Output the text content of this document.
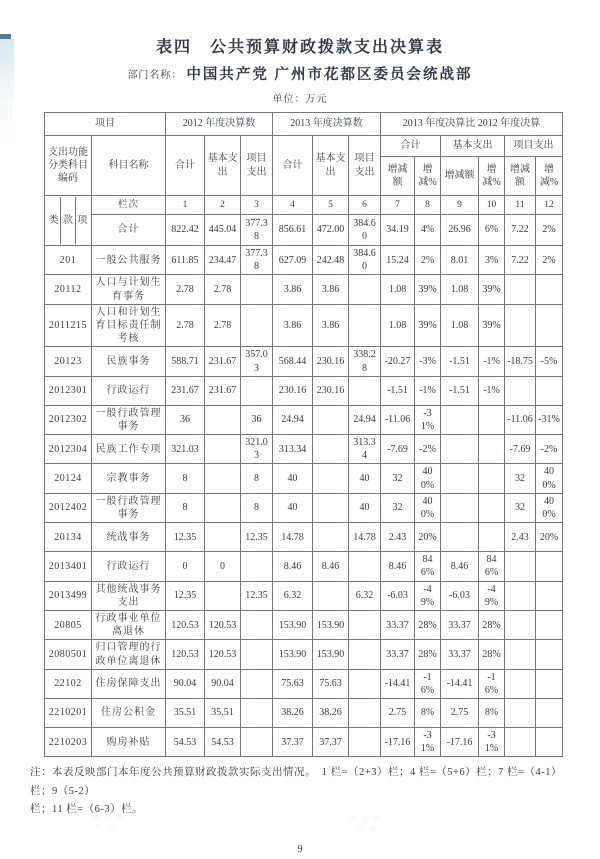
表四　公共预算财政拨款支出决算表
部门名称： 中国共产党 广州市花都区委员会统战部
单位：万元
项目		2012 年度决算数			2013 年度决算数			2013 年度决算比 2012 年度决算					
支出功能分类科目编码	科目名称	合计	基本支出	项目支出	合计	基本支出	项目支出	合计		基本支出		项目支出	
								增减额	增减%	增减额	增减%	增减额	增减%

类 款 项	栏次	1	2	3	4	5	6	7	8	9	10	11	12
	合计	822.42	445.04	377.38	856.61	472.00	384.60	34.19	4%	26.96	6%	7.22	2%
201	一般公共服务	611.85	234.47	377.38	627.09	242.48	384.60	15.24	2%	8.01	3%	7.22	2%
20112	人口与计划生育事务	2.78	2.78		3.86	3.86		1.08	39%	1.08	39%		
2011215	人口和计划生育目标责任制考核	2.78	2.78		3.86	3.86		1.08	39%	1.08	39%		
20123	民族事务	588.71	231.67	357.03	568.44	230.16	338.28	-20.27	-3%	-1.51	-1%	-18.75	-5%
2012301	行政运行	231.67	231.67		230.16	230.16		-1.51	-1%	-1.51	-1%		
2012302	一般行政管理事务	36		36	24.94		24.94	-11.06	-31%			-11.06	-31%
2012304	民族工作专项	321.03		321.03	313.34		313.34	-7.69	-2%			-7.69	-2%
20124	宗教事务	8		8	40		40	32	400%			32	400%
2012402	一般行政管理事务	8		8	40		40	32	400%			32	400%
20134	统战事务	12.35		12.35	14.78		14.78	2.43	20%			2.43	20%
2013401	行政运行	0	0		8.46	8.46		8.46	846%	8.46	846%		
2013499	其他统战事务支出	12.35		12.35	6.32		6.32	-6.03	-49%	-6.03	-49%		
20805	行政事业单位离退休	120.53	120.53		153.90	153.90		33.37	28%	33.37	28%		
2080501	归口管理的行政单位离退休	120.53	120.53		153.90	153.90		33.37	28%	33.37	28%		
22102	住房保障支出	90.04	90.04		75.63	75.63		-14.41	-16%	-14.41	-16%		
2210201	住房公积金	35.51	35.51		38.26	38.26		2.75	8%	2.75	8%		
2210203	购房补贴	54.53	54.53		37.37	37.37		-17.16	-31%	-17.16	-31%		
注：本表反映部门本年度公共预算财政拨款实际支出情况。　1 栏=（2+3）栏；4 栏=（5+6）栏；7 栏=（4-1）栏；9（5-2）
栏；11 栏=（6-3）栏。
9
